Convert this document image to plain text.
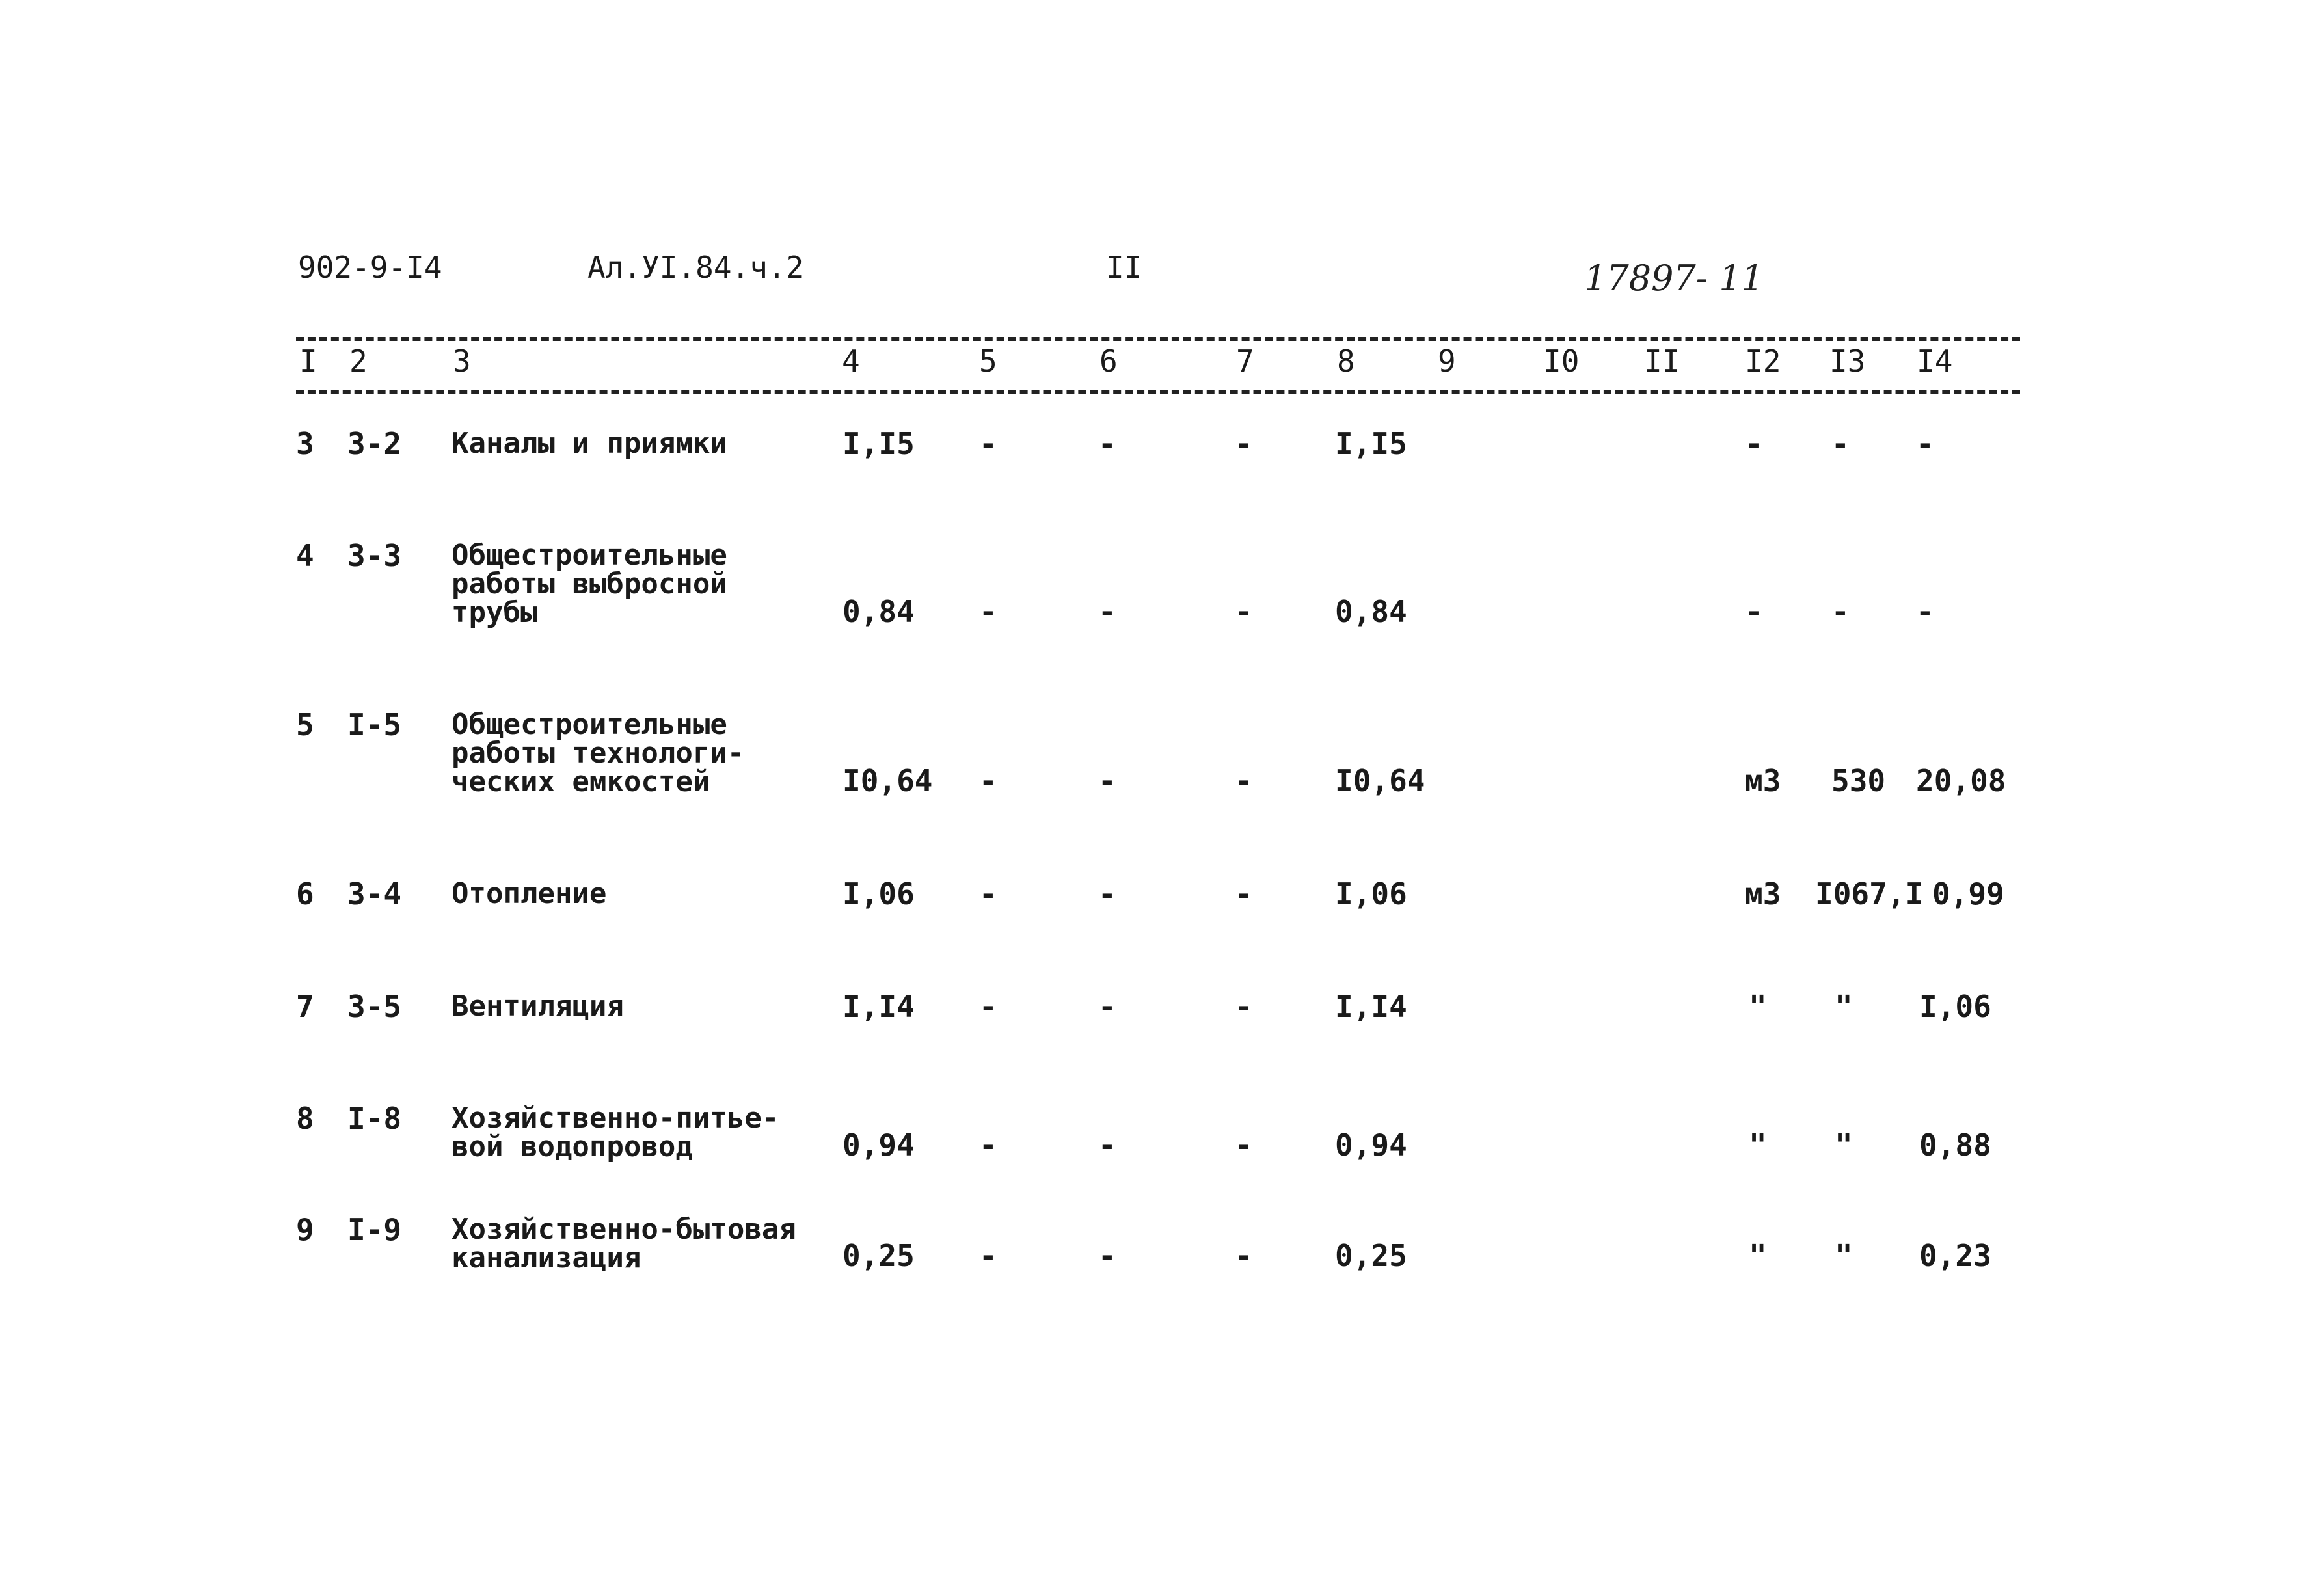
902-9-I4	Ал.УI.84.ч.2	II	17897- 11
I 2	3	4	5	6	7	8	9	I0 II I2 I3 I4
3 3-2 Каналы и приямки	I,I5 -	-	-	I,I5	- - -
4 3-3 Общестроительные
работы выбросной
трубы	0,84 -	-	-	0,84	- - -
5 I-5 Общестроительные
работы технологи-
ческих емкостей	I0,64 -	-	-	I0,64	м3 530 20,08
6 3-4 Отопление	I,06 -	-	-	I,06	м3 I067,I 0,99
7 3-5 Вентиляция	I,I4 -	-	-	I,I4	" " I,06
8 I-8 Хозяйственно-питье-
вой водопровод	0,94 -	-	-	0,94	" " 0,88
9 I-9 Хозяйственно-бытовая
канализация	0,25 -	-	-	0,25	" " 0,23
